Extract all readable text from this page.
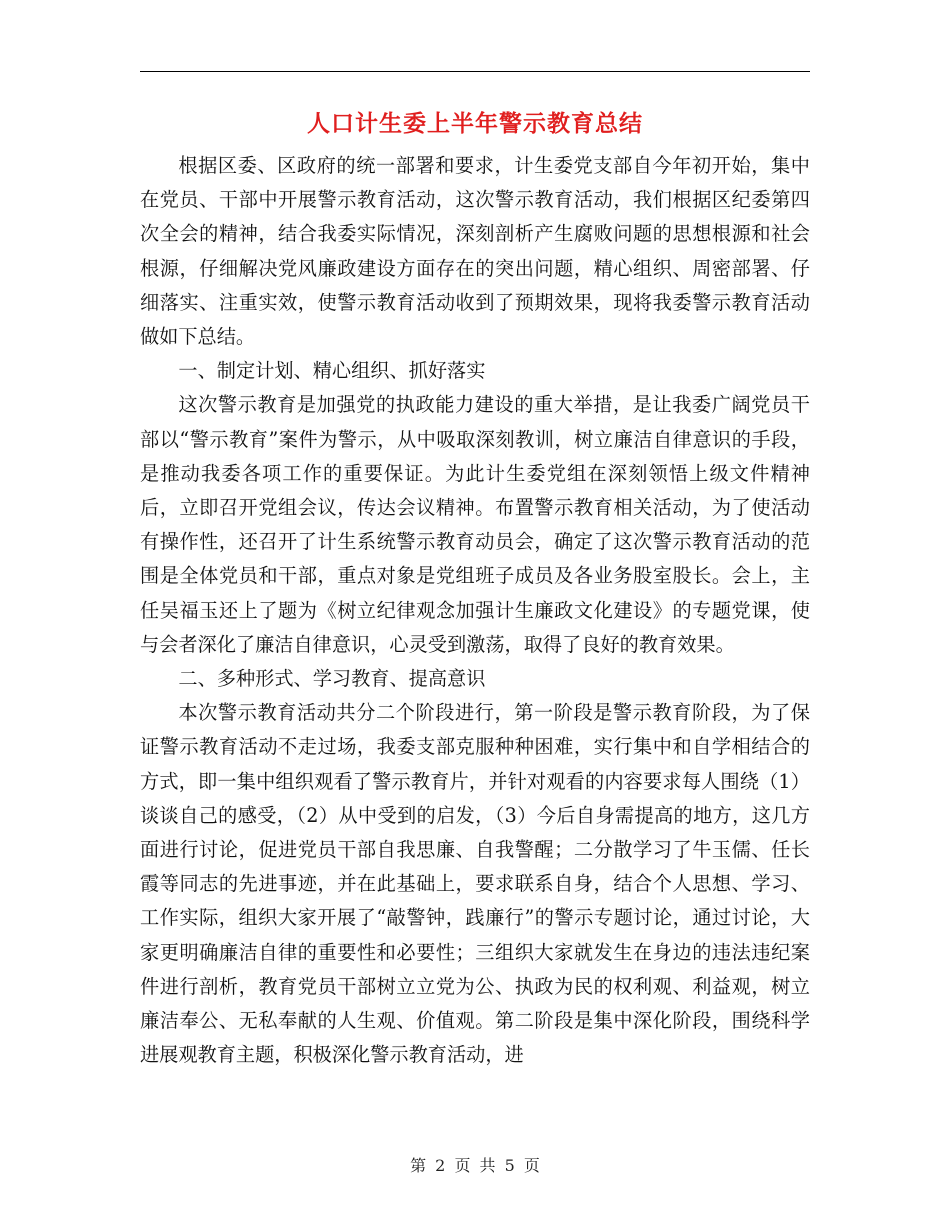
人口计生委上半年警示教育总结

根据区委、区政府的统一部署和要求，计生委党支部自今年初开始，集中在党员、干部中开展警示教育活动，这次警示教育活动，我们根据区纪委第四次全会的精神，结合我委实际情况，深刻剖析产生腐败问题的思想根源和社会根源，仔细解决党风廉政建设方面存在的突出问题，精心组织、周密部署、仔细落实、注重实效，使警示教育活动收到了预期效果，现将我委警示教育活动做如下总结。

一、制定计划、精心组织、抓好落实

这次警示教育是加强党的执政能力建设的重大举措，是让我委广阔党员干部以“警示教育”案件为警示，从中吸取深刻教训，树立廉洁自律意识的手段，是推动我委各项工作的重要保证。为此计生委党组在深刻领悟上级文件精神后，立即召开党组会议，传达会议精神。布置警示教育相关活动，为了使活动有操作性，还召开了计生系统警示教育动员会，确定了这次警示教育活动的范围是全体党员和干部，重点对象是党组班子成员及各业务股室股长。会上，主任吴福玉还上了题为《树立纪律观念加强计生廉政文化建设》的专题党课，使与会者深化了廉洁自律意识，心灵受到激荡，取得了良好的教育效果。

二、多种形式、学习教育、提高意识

本次警示教育活动共分二个阶段进行，第一阶段是警示教育阶段，为了保证警示教育活动不走过场，我委支部克服种种困难，实行集中和自学相结合的方式，即一集中组织观看了警示教育片，并针对观看的内容要求每人围绕（1）谈谈自己的感受，（2）从中受到的启发，（3）今后自身需提高的地方，这几方面进行讨论，促进党员干部自我思廉、自我警醒；二分散学习了牛玉儒、任长霞等同志的先进事迹，并在此基础上，要求联系自身，结合个人思想、学习、工作实际，组织大家开展了“敲警钟，践廉行”的警示专题讨论，通过讨论，大家更明确廉洁自律的重要性和必要性；三组织大家就发生在身边的违法违纪案件进行剖析，教育党员干部树立立党为公、执政为民的权利观、利益观，树立廉洁奉公、无私奉献的人生观、价值观。第二阶段是集中深化阶段，围绕科学进展观教育主题，积极深化警示教育活动，进

第 2 页 共 5 页
